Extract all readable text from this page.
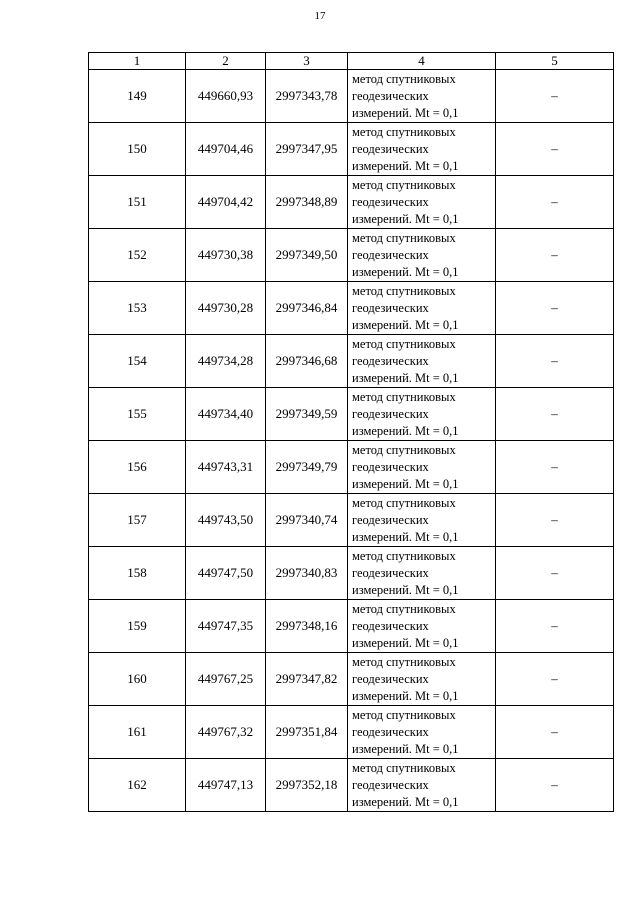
17
1	2	3	4	5
149	449660,93	2997343,78	метод спутниковых
геодезических
измерений. Mt = 0,1	–
150	449704,46	2997347,95	метод спутниковых
геодезических
измерений. Mt = 0,1	–
151	449704,42	2997348,89	метод спутниковых
геодезических
измерений. Mt = 0,1	–
152	449730,38	2997349,50	метод спутниковых
геодезических
измерений. Mt = 0,1	–
153	449730,28	2997346,84	метод спутниковых
геодезических
измерений. Mt = 0,1	–
154	449734,28	2997346,68	метод спутниковых
геодезических
измерений. Mt = 0,1	–
155	449734,40	2997349,59	метод спутниковых
геодезических
измерений. Mt = 0,1	–
156	449743,31	2997349,79	метод спутниковых
геодезических
измерений. Mt = 0,1	–
157	449743,50	2997340,74	метод спутниковых
геодезических
измерений. Mt = 0,1	–
158	449747,50	2997340,83	метод спутниковых
геодезических
измерений. Mt = 0,1	–
159	449747,35	2997348,16	метод спутниковых
геодезических
измерений. Mt = 0,1	–
160	449767,25	2997347,82	метод спутниковых
геодезических
измерений. Mt = 0,1	–
161	449767,32	2997351,84	метод спутниковых
геодезических
измерений. Mt = 0,1	–
162	449747,13	2997352,18	метод спутниковых
геодезических
измерений. Mt = 0,1	–
